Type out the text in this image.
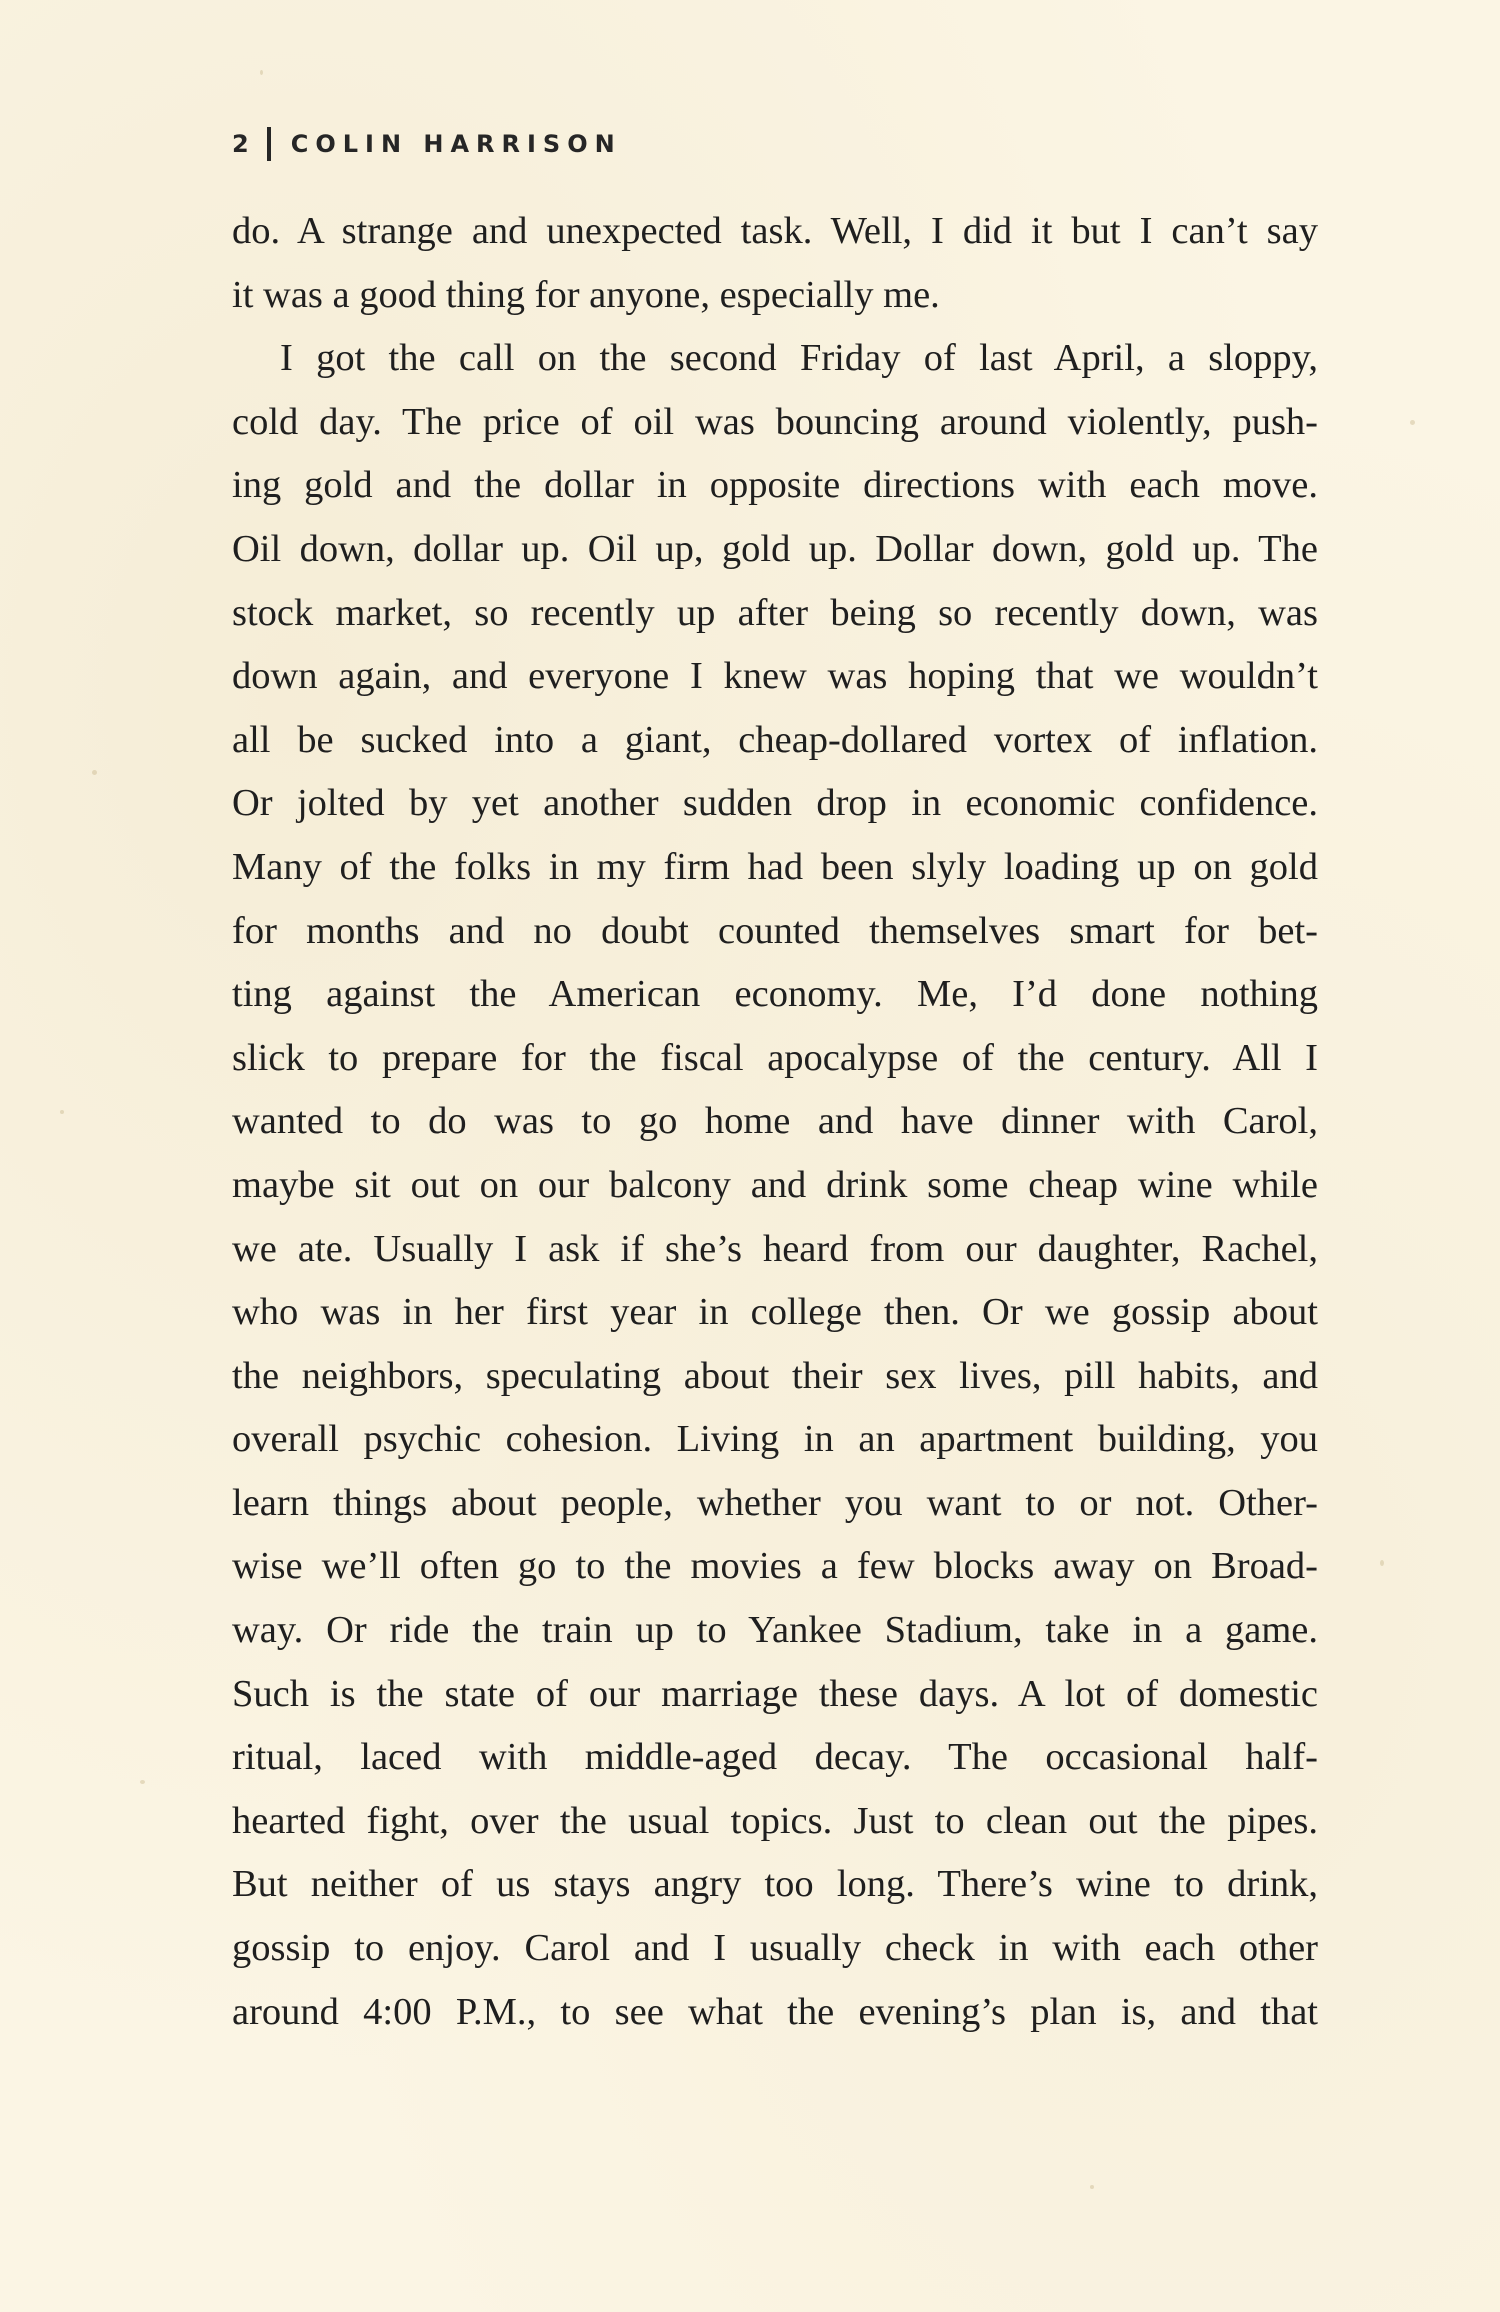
2 COLIN HARRISON
do. A strange and unexpected task. Well, I did it but I can’t say
it was a good thing for anyone, especially me.
I got the call on the second Friday of last April, a sloppy,
cold day. The price of oil was bouncing around violently, push-
ing gold and the dollar in opposite directions with each move.
Oil down, dollar up. Oil up, gold up. Dollar down, gold up. The
stock market, so recently up after being so recently down, was
down again, and everyone I knew was hoping that we wouldn’t
all be sucked into a giant, cheap-dollared vortex of inflation.
Or jolted by yet another sudden drop in economic confidence.
Many of the folks in my firm had been slyly loading up on gold
for months and no doubt counted themselves smart for bet-
ting against the American economy. Me, I’d done nothing
slick to prepare for the fiscal apocalypse of the century. All I
wanted to do was to go home and have dinner with Carol,
maybe sit out on our balcony and drink some cheap wine while
we ate. Usually I ask if she’s heard from our daughter, Rachel,
who was in her first year in college then. Or we gossip about
the neighbors, speculating about their sex lives, pill habits, and
overall psychic cohesion. Living in an apartment building, you
learn things about people, whether you want to or not. Other-
wise we’ll often go to the movies a few blocks away on Broad-
way. Or ride the train up to Yankee Stadium, take in a game.
Such is the state of our marriage these days. A lot of domestic
ritual, laced with middle-aged decay. The occasional half-
hearted fight, over the usual topics. Just to clean out the pipes.
But neither of us stays angry too long. There’s wine to drink,
gossip to enjoy. Carol and I usually check in with each other
around 4:00 P.M., to see what the evening’s plan is, and that
